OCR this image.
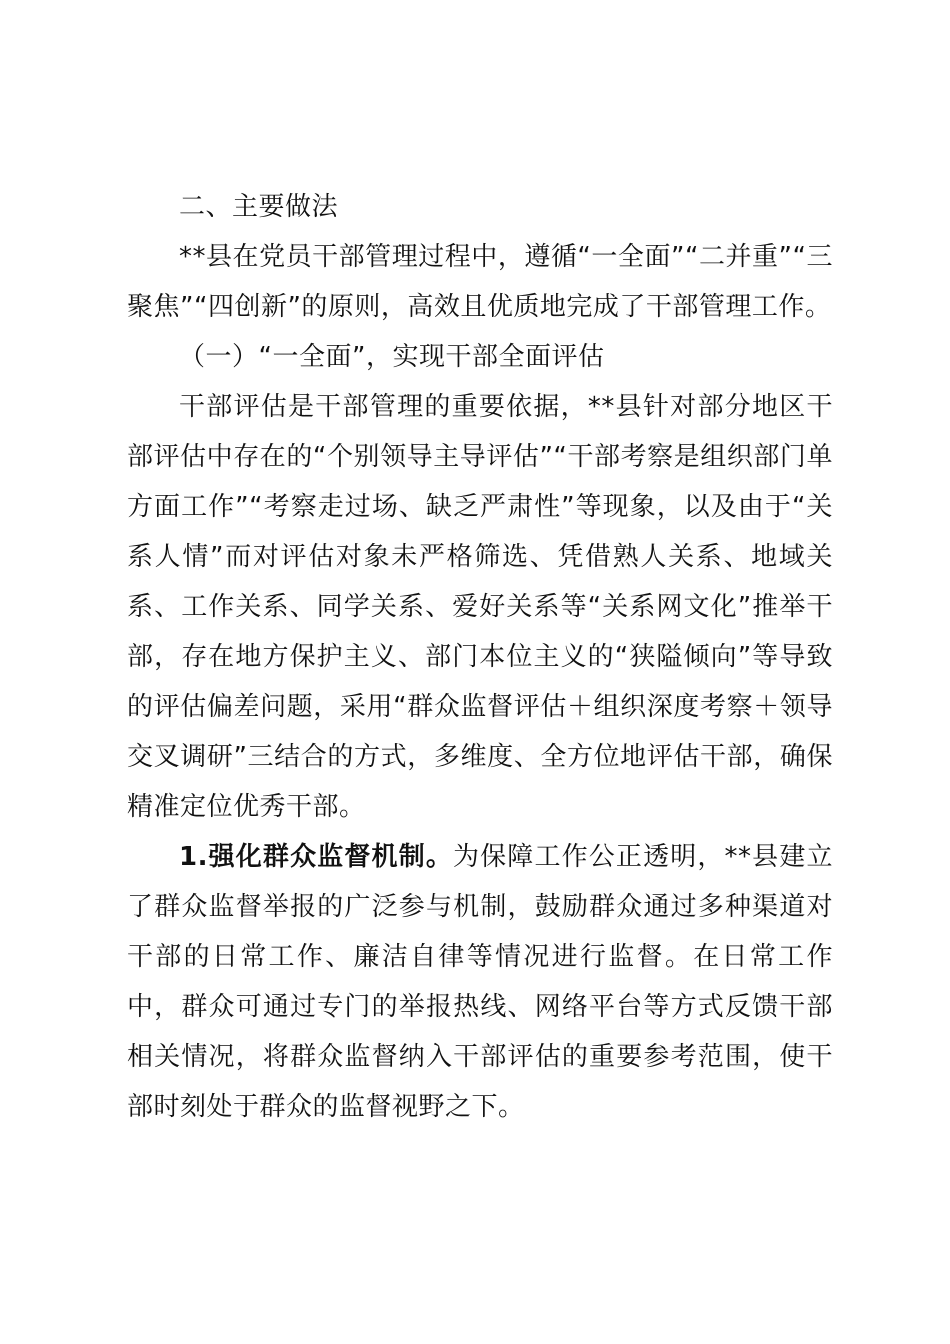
二、主要做法

**县在党员干部管理过程中，遵循“一全面”“二并重”“三聚焦”“四创新”的原则，高效且优质地完成了干部管理工作。

（一）“一全面”，实现干部全面评估

干部评估是干部管理的重要依据，**县针对部分地区干部评估中存在的“个别领导主导评估”“干部考察是组织部门单方面工作”“考察走过场、缺乏严肃性”等现象，以及由于“关系人情”而对评估对象未严格筛选、凭借熟人关系、地域关系、工作关系、同学关系、爱好关系等“关系网文化”推举干部，存在地方保护主义、部门本位主义的“狭隘倾向”等导致的评估偏差问题，采用“群众监督评估＋组织深度考察＋领导交叉调研”三结合的方式，多维度、全方位地评估干部，确保精准定位优秀干部。

1.强化群众监督机制。为保障工作公正透明，**县建立了群众监督举报的广泛参与机制，鼓励群众通过多种渠道对干部的日常工作、廉洁自律等情况进行监督。在日常工作中，群众可通过专门的举报热线、网络平台等方式反馈干部相关情况，将群众监督纳入干部评估的重要参考范围，使干部时刻处于群众的监督视野之下。
